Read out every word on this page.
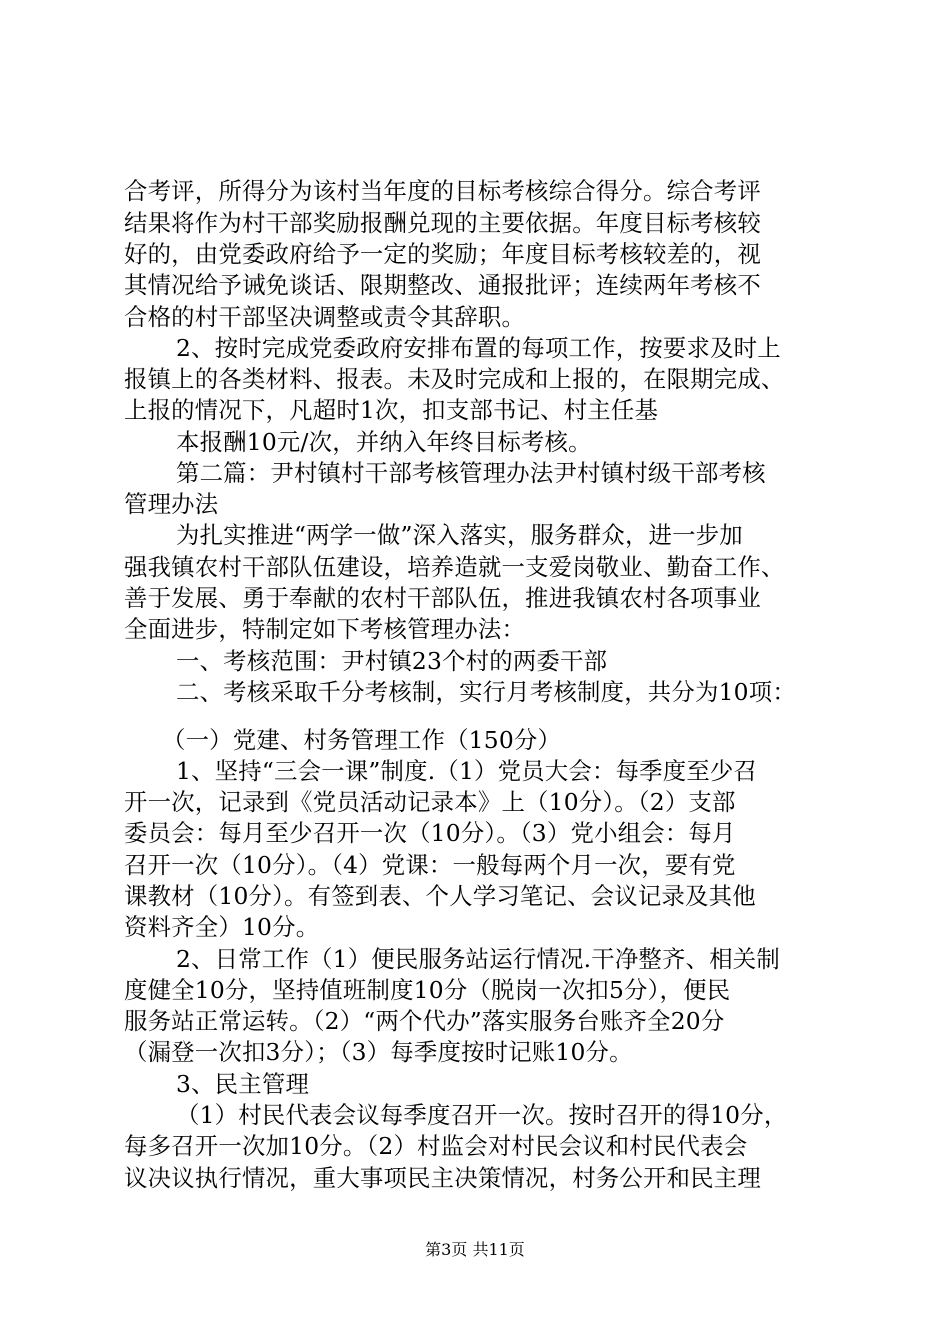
合考评，所得分为该村当年度的目标考核综合得分。综合考评

结果将作为村干部奖励报酬兑现的主要依据。年度目标考核较

好的，由党委政府给予一定的奖励；年度目标考核较差的，视

其情况给予诫免谈话、限期整改、通报批评；连续两年考核不

合格的村干部坚决调整或责令其辞职。

2、按时完成党委政府安排布置的每项工作，按要求及时上

报镇上的各类材料、报表。未及时完成和上报的，在限期完成、

上报的情况下，凡超时1次，扣支部书记、村主任基

本报酬10元/次，并纳入年终目标考核。

第二篇：尹村镇村干部考核管理办法尹村镇村级干部考核

管理办法

为扎实推进“两学一做”深入落实，服务群众，进一步加

强我镇农村干部队伍建设，培养造就一支爱岗敬业、勤奋工作、

善于发展、勇于奉献的农村干部队伍，推进我镇农村各项事业

全面进步，特制定如下考核管理办法：

一、考核范围：尹村镇23个村的两委干部

二、考核采取千分考核制，实行月考核制度，共分为10项：

（一）党建、村务管理工作（150分）

1、坚持“三会一课”制度.（1）党员大会：每季度至少召

开一次，记录到《党员活动记录本》上（10分）。（2）支部

委员会：每月至少召开一次（10分）。（3）党小组会：每月

召开一次（10分）。（4）党课：一般每两个月一次，要有党

课教材（10分）。有签到表、个人学习笔记、会议记录及其他

资料齐全）10分。

2、日常工作（1）便民服务站运行情况.干净整齐、相关制

度健全10分，坚持值班制度10分（脱岗一次扣5分），便民

服务站正常运转。（2）“两个代办”落实服务台账齐全20分

（漏登一次扣3分）；（3）每季度按时记账10分。

3、民主管理

（1）村民代表会议每季度召开一次。按时召开的得10分，

每多召开一次加10分。（2）村监会对村民会议和村民代表会

议决议执行情况，重大事项民主决策情况，村务公开和民主理

第3页 共11页
